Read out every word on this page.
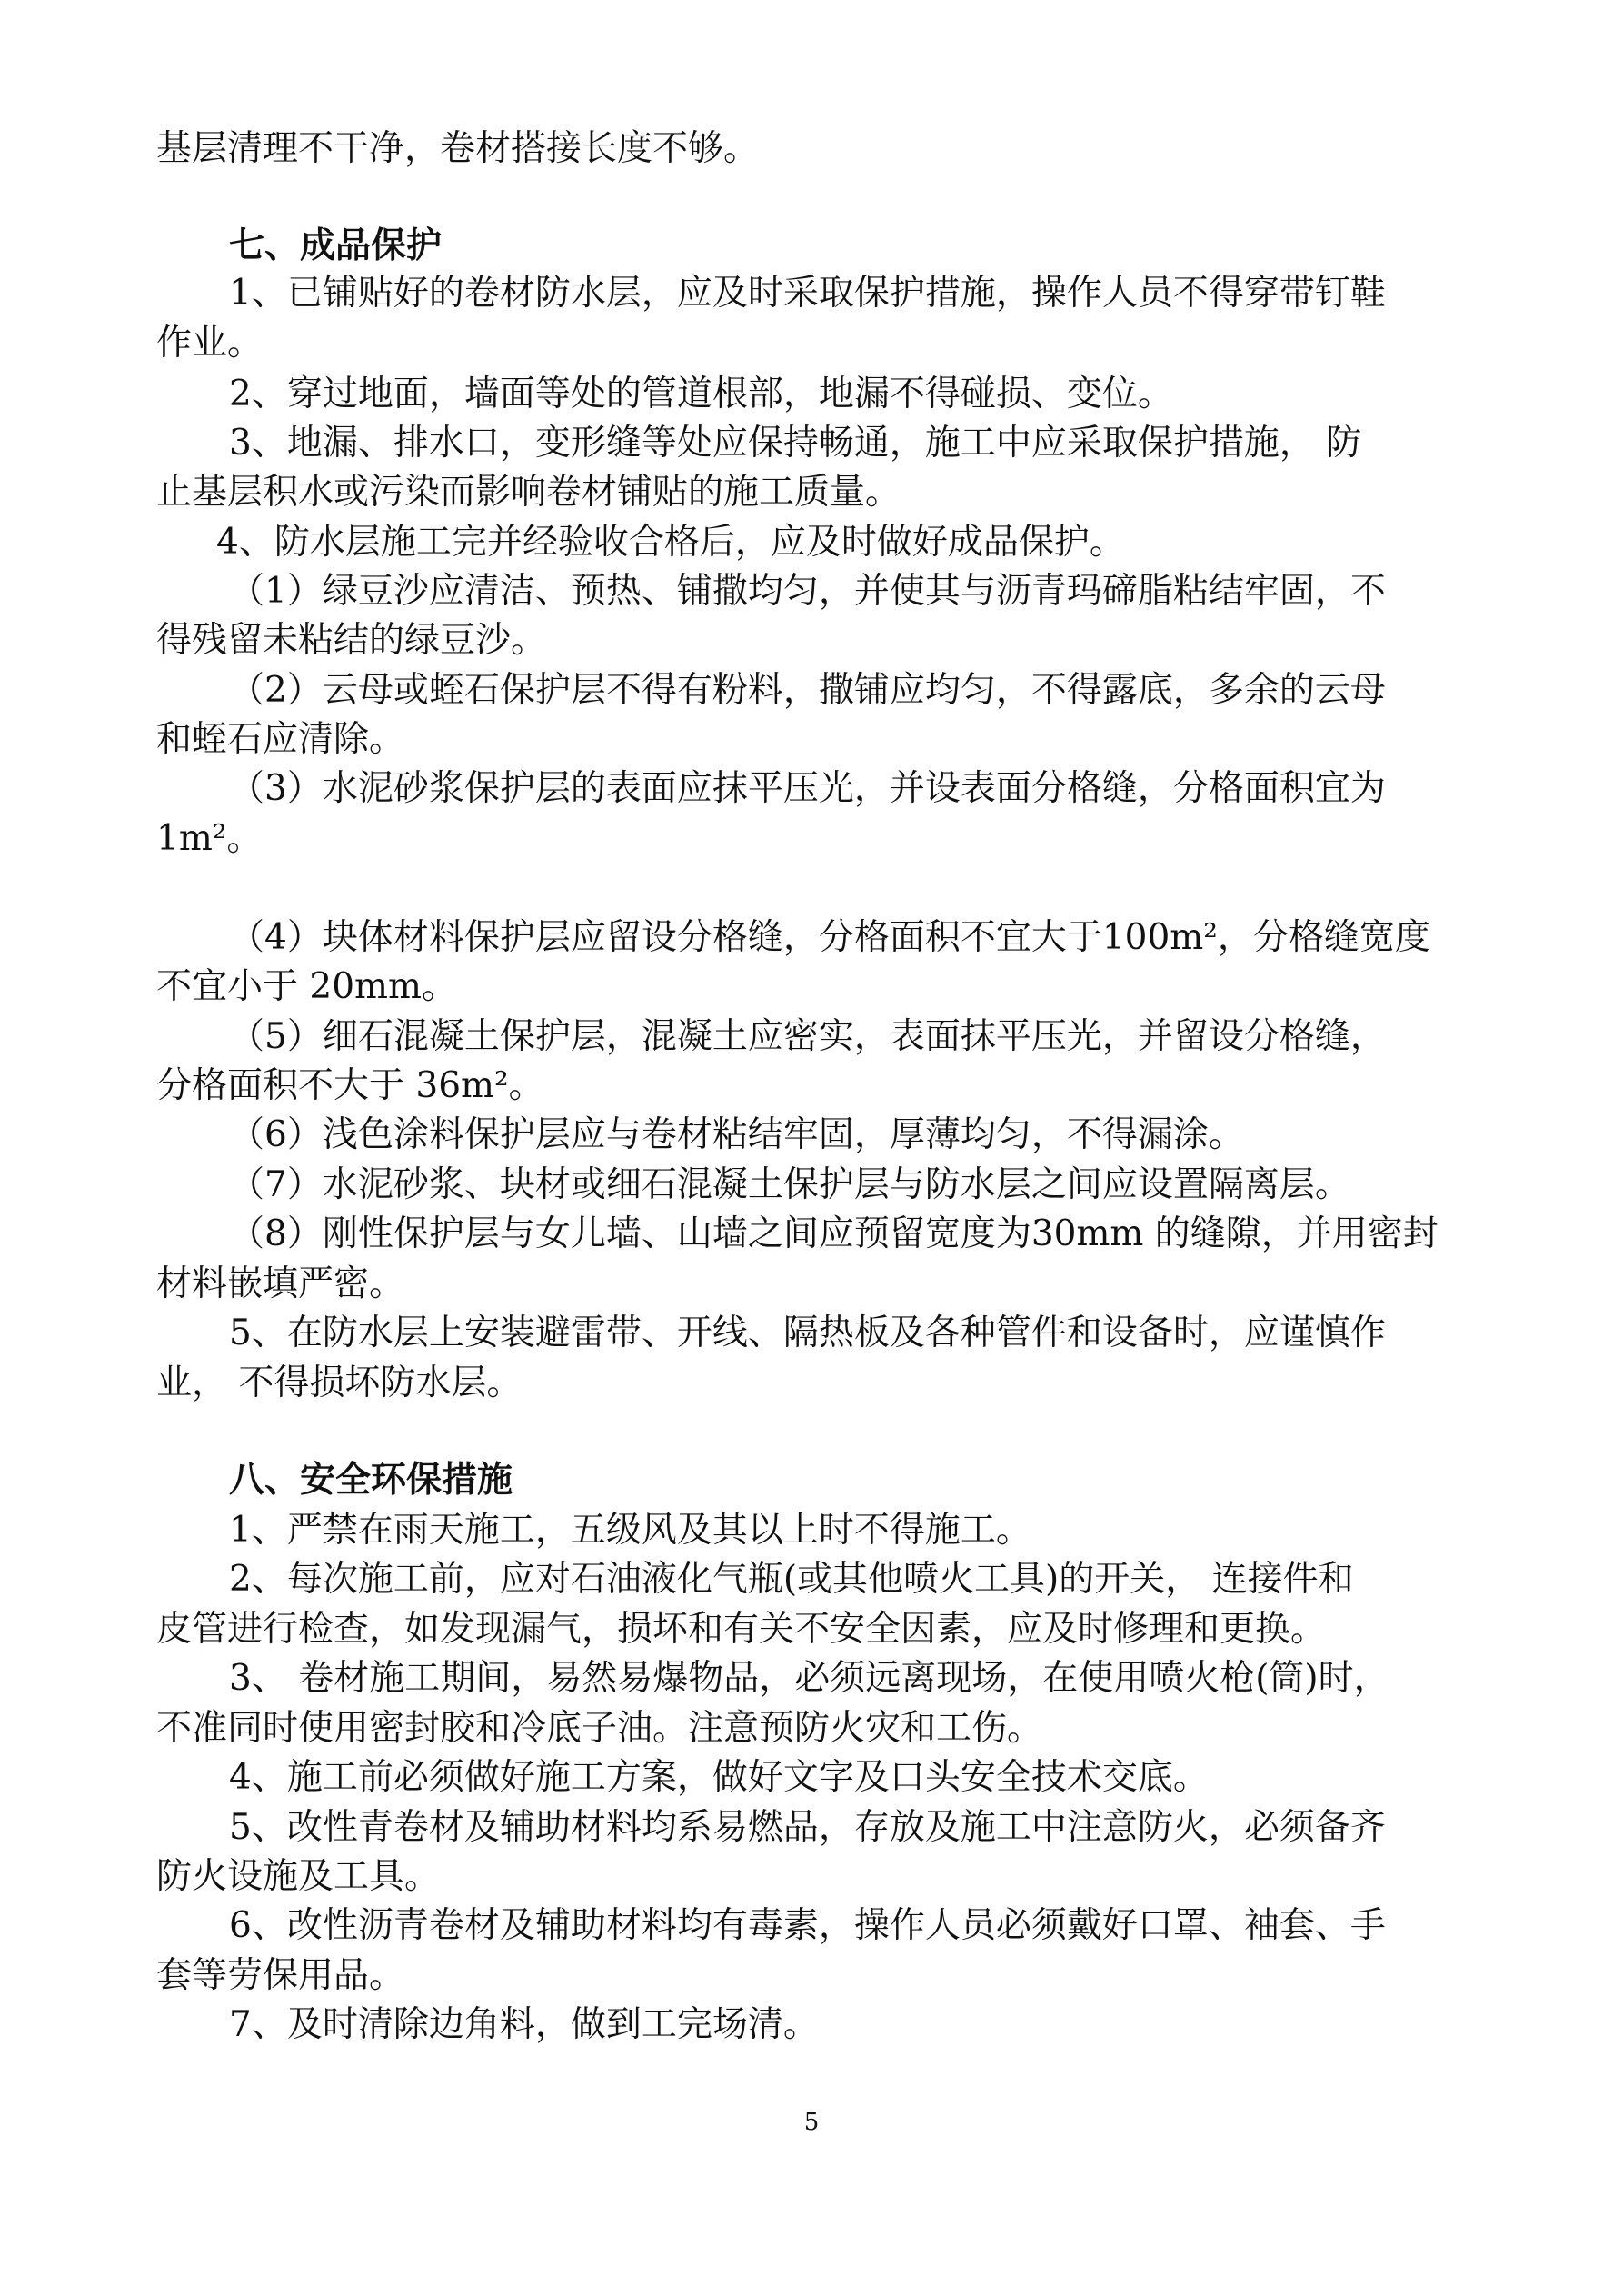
基层清理不干净，卷材搭接长度不够。

七、成品保护

1、已铺贴好的卷材防水层，应及时采取保护措施，操作人员不得穿带钉鞋

作业。

2、穿过地面，墙面等处的管道根部，地漏不得碰损、变位。

3、地漏、排水口，变形缝等处应保持畅通，施工中应采取保护措施， 防

止基层积水或污染而影响卷材铺贴的施工质量。

4、防水层施工完并经验收合格后，应及时做好成品保护。

（1）绿豆沙应清洁、预热、铺撒均匀，并使其与沥青玛碲脂粘结牢固，不

得残留未粘结的绿豆沙。

（2）云母或蛭石保护层不得有粉料，撒铺应均匀，不得露底，多余的云母

和蛭石应清除。

（3）水泥砂浆保护层的表面应抹平压光，并设表面分格缝，分格面积宜为

1m²。

（4）块体材料保护层应留设分格缝，分格面积不宜大于100m²，分格缝宽度

不宜小于 20mm。

（5）细石混凝土保护层，混凝土应密实，表面抹平压光，并留设分格缝，

分格面积不大于 36m²。

（6）浅色涂料保护层应与卷材粘结牢固，厚薄均匀，不得漏涂。

（7）水泥砂浆、块材或细石混凝土保护层与防水层之间应设置隔离层。

（8）刚性保护层与女儿墙、山墙之间应预留宽度为30mm 的缝隙，并用密封

材料嵌填严密。

5、在防水层上安装避雷带、开线、隔热板及各种管件和设备时，应谨慎作

业， 不得损坏防水层。

八、安全环保措施

1、严禁在雨天施工，五级风及其以上时不得施工。

2、每次施工前，应对石油液化气瓶(或其他喷火工具)的开关， 连接件和

皮管进行检查，如发现漏气，损坏和有关不安全因素，应及时修理和更换。

3、 卷材施工期间，易然易爆物品，必须远离现场，在使用喷火枪(筒)时，

不准同时使用密封胶和冷底子油。注意预防火灾和工伤。

4、施工前必须做好施工方案，做好文字及口头安全技术交底。

5、改性青卷材及辅助材料均系易燃品，存放及施工中注意防火，必须备齐

防火设施及工具。

6、改性沥青卷材及辅助材料均有毒素，操作人员必须戴好口罩、袖套、手

套等劳保用品。

7、及时清除边角料，做到工完场清。

5
